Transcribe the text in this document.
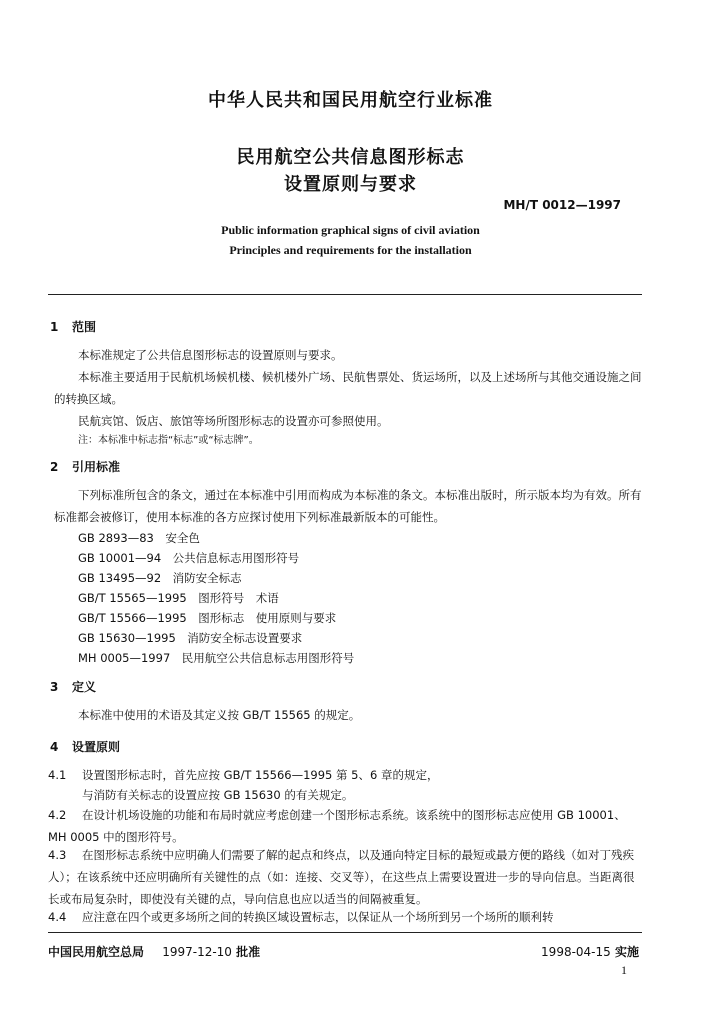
中华人民共和国民用航空行业标准
民用航空公共信息图形标志
设置原则与要求
MH/T 0012—1997
Public information graphical signs of civil aviation
Principles and requirements for the installation
1 范围
本标准规定了公共信息图形标志的设置原则与要求。
本标准主要适用于民航机场候机楼、候机楼外广场、民航售票处、货运场所，以及上述场所与其他交通设施之间的转换区域。
民航宾馆、饭店、旅馆等场所图形标志的设置亦可参照使用。
注：本标准中标志指“标志”或“标志牌”。
2 引用标准
下列标准所包含的条文，通过在本标准中引用而构成为本标准的条文。本标准出版时，所示版本均为有效。所有标准都会被修订，使用本标准的各方应探讨使用下列标准最新版本的可能性。
GB 2893—83　安全色
GB 10001—94　公共信息标志用图形符号
GB 13495—92　消防安全标志
GB/T 15565—1995　图形符号　术语
GB/T 15566—1995　图形标志　使用原则与要求
GB 15630—1995　消防安全标志设置要求
MH 0005—1997　民用航空公共信息标志用图形符号
3 定义
本标准中使用的术语及其定义按 GB/T 15565 的规定。
4 设置原则
4.1 设置图形标志时，首先应按 GB/T 15566—1995 第 5、6 章的规定，
与消防有关标志的设置应按 GB 15630 的有关规定。
4.2 在设计机场设施的功能和布局时就应考虑创建一个图形标志系统。该系统中的图形标志应使用 GB 10001、MH 0005 中的图形符号。
4.3 在图形标志系统中应明确人们需要了解的起点和终点，以及通向特定目标的最短或最方便的路线（如对丁残疾人）；在该系统中还应明确所有关键性的点（如：连接、交叉等），在这些点上需要设置进一步的导向信息。当距离很长或布局复杂时，即使没有关键的点，导向信息也应以适当的间隔被重复。
4.4 应注意在四个或更多场所之间的转换区域设置标志，以保证从一个场所到另一个场所的顺利转
中国民用航空总局 1997-12-10 批准	1998-04-15 实施
1
